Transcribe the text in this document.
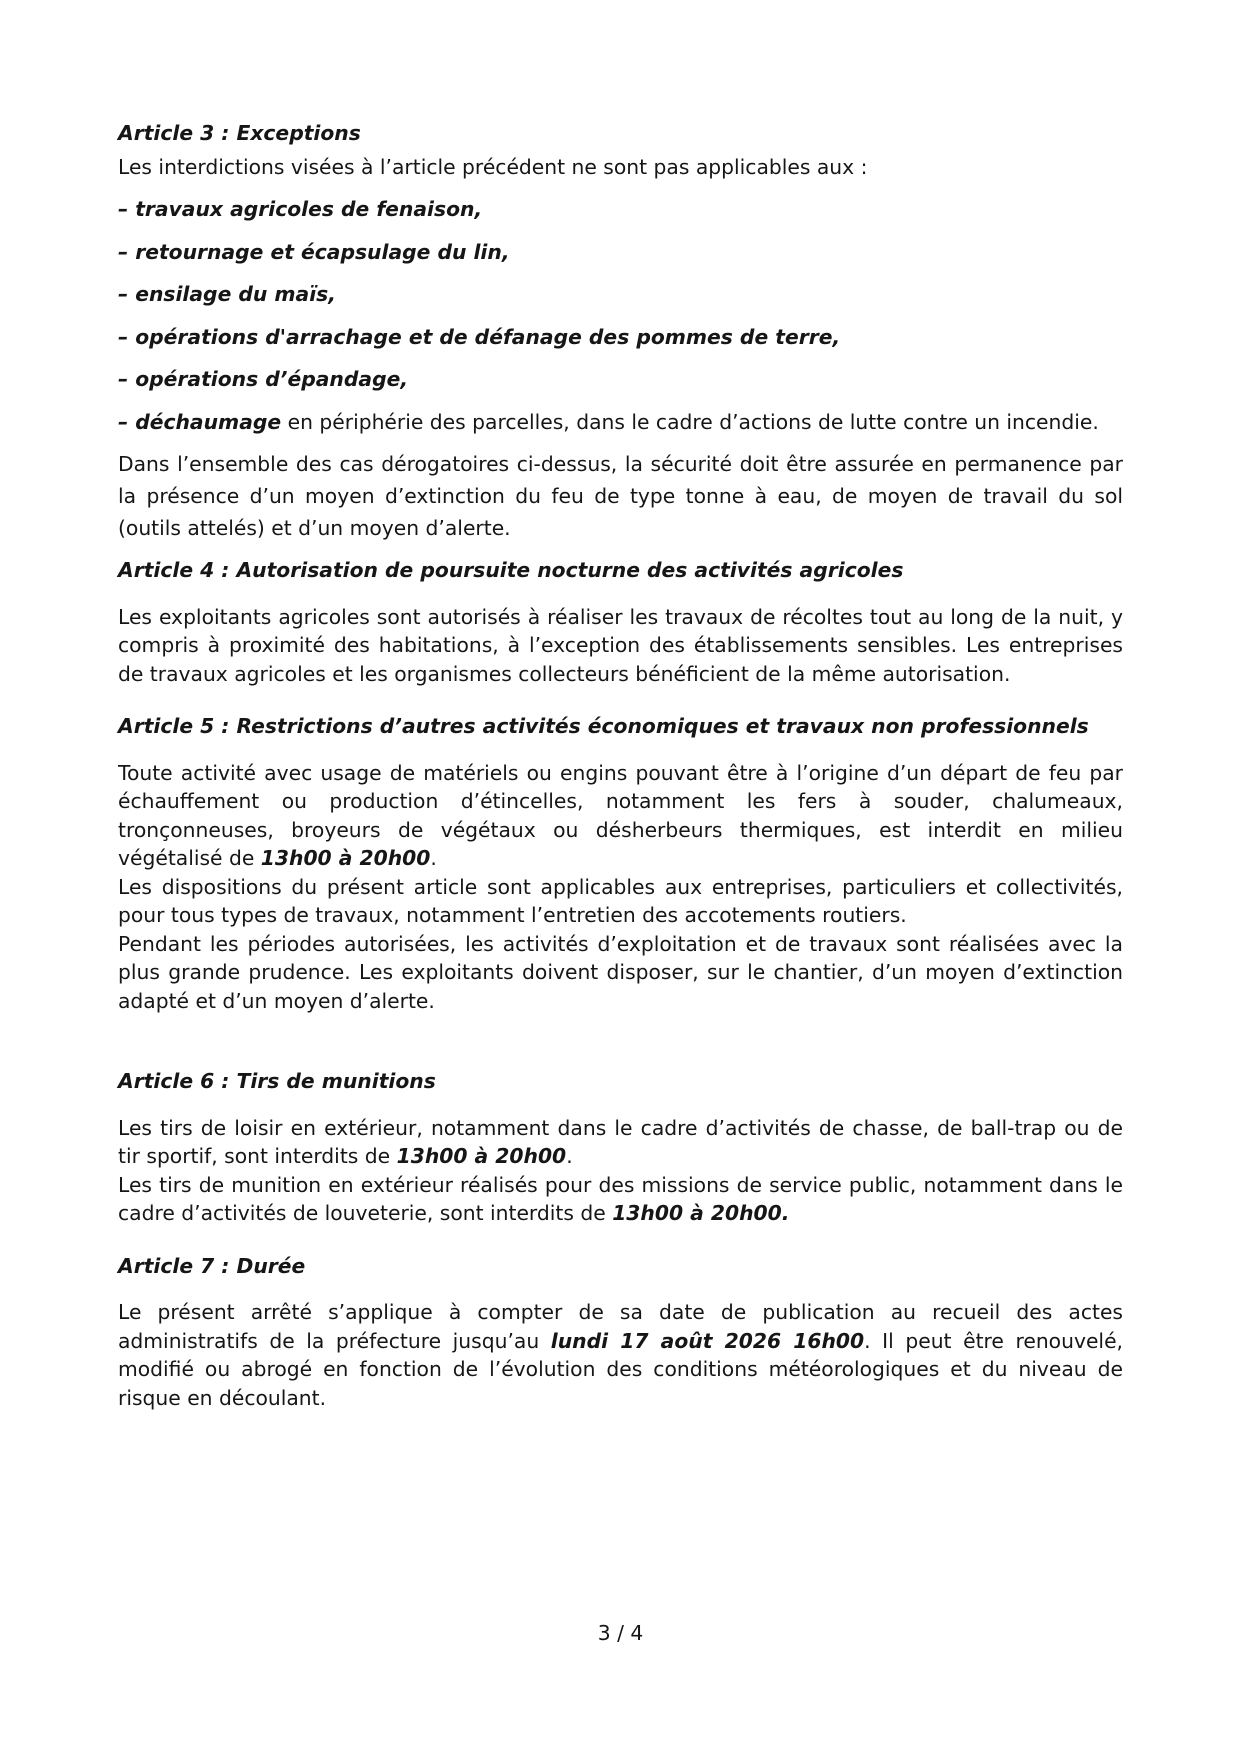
Article 3 : Exceptions

Les interdictions visées à l’article précédent ne sont pas applicables aux :

– travaux agricoles de fenaison,

– retournage et écapsulage du lin,

– ensilage du maïs,

– opérations d'arrachage et de défanage des pommes de terre,

– opérations d’épandage,

– déchaumage en périphérie des parcelles, dans le cadre d’actions de lutte contre un incendie.

Dans l’ensemble des cas dérogatoires ci-dessus, la sécurité doit être assurée en permanence par la présence d’un moyen d’extinction du feu de type tonne à eau, de moyen de travail du sol (outils attelés) et d’un moyen d’alerte.

Article 4 : Autorisation de poursuite nocturne des activités agricoles

Les exploitants agricoles sont autorisés à réaliser les travaux de récoltes tout au long de la nuit, y compris à proximité des habitations, à l’exception des établissements sensibles. Les entreprises de travaux agricoles et les organismes collecteurs bénéficient de la même autorisation.

Article 5 : Restrictions d’autres activités économiques et travaux non professionnels

Toute activité avec usage de matériels ou engins pouvant être à l’origine d’un départ de feu par échauffement ou production d’étincelles, notamment les fers à souder, chalumeaux, tronçonneuses, broyeurs de végétaux ou désherbeurs thermiques, est interdit en milieu végétalisé de 13h00 à 20h00.

Les dispositions du présent article sont applicables aux entreprises, particuliers et collectivités, pour tous types de travaux, notamment l’entretien des accotements routiers.

Pendant les périodes autorisées, les activités d’exploitation et de travaux sont réalisées avec la plus grande prudence. Les exploitants doivent disposer, sur le chantier, d’un moyen d’extinction adapté et d’un moyen d’alerte.

Article 6 : Tirs de munitions

Les tirs de loisir en extérieur, notamment dans le cadre d’activités de chasse, de ball-trap ou de tir sportif, sont interdits de 13h00 à 20h00.

Les tirs de munition en extérieur réalisés pour des missions de service public, notamment dans le cadre d’activités de louveterie, sont interdits de 13h00 à 20h00.

Article 7 : Durée

Le présent arrêté s’applique à compter de sa date de publication au recueil des actes administratifs de la préfecture jusqu’au lundi 17 août 2026 16h00. Il peut être renouvelé, modifié ou abrogé en fonction de l’évolution des conditions météorologiques et du niveau de risque en découlant.

3 / 4
